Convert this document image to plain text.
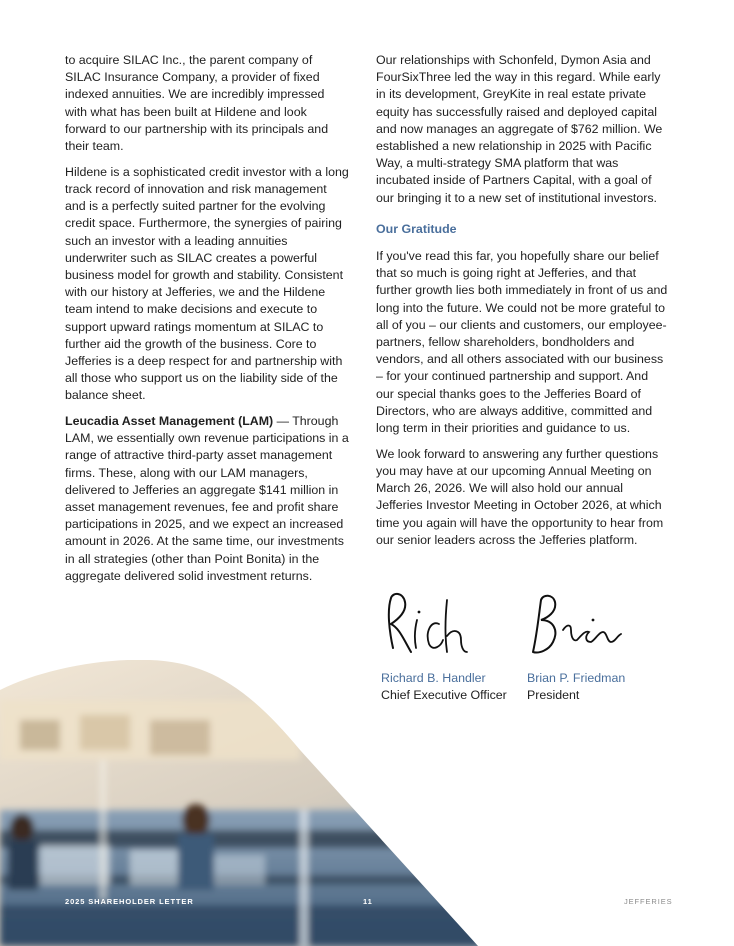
to acquire SILAC Inc., the parent company of SILAC Insurance Company, a provider of fixed indexed annuities. We are incredibly impressed with what has been built at Hildene and look forward to our partnership with its principals and their team.

Hildene is a sophisticated credit investor with a long track record of innovation and risk management and is a perfectly suited partner for the evolving credit space. Furthermore, the synergies of pairing such an investor with a leading annuities underwriter such as SILAC creates a powerful business model for growth and stability. Consistent with our history at Jefferies, we and the Hildene team intend to make decisions and execute to support upward ratings momentum at SILAC to further aid the growth of the business. Core to Jefferies is a deep respect for and partnership with all those who support us on the liability side of the balance sheet.

Leucadia Asset Management (LAM) — Through LAM, we essentially own revenue participations in a range of attractive third-party asset management firms. These, along with our LAM managers, delivered to Jefferies an aggregate $141 million in asset management revenues, fee and profit share participations in 2025, and we expect an increased amount in 2026. At the same time, our investments in all strategies (other than Point Bonita) in the aggregate delivered solid investment returns.

Our relationships with Schonfeld, Dymon Asia and FourSixThree led the way in this regard. While early in its development, GreyKite in real estate private equity has successfully raised and deployed capital and now manages an aggregate of $762 million. We established a new relationship in 2025 with Pacific Way, a multi-strategy SMA platform that was incubated inside of Partners Capital, with a goal of our bringing it to a new set of institutional investors.

Our Gratitude

If you've read this far, you hopefully share our belief that so much is going right at Jefferies, and that further growth lies both immediately in front of us and long into the future. We could not be more grateful to all of you – our clients and customers, our employee-partners, fellow shareholders, bondholders and vendors, and all others associated with our business – for your continued partnership and support. And our special thanks goes to the Jefferies Board of Directors, who are always additive, committed and long term in their priorities and guidance to us.

We look forward to answering any further questions you may have at our upcoming Annual Meeting on March 26, 2026. We will also hold our annual Jefferies Investor Meeting in October 2026, at which time you again will have the opportunity to hear from our senior leaders across the Jefferies platform.

Richard B. Handler
Chief Executive Officer
Brian P. Friedman
President
2025 SHAREHOLDER LETTER	11	JEFFERIES
